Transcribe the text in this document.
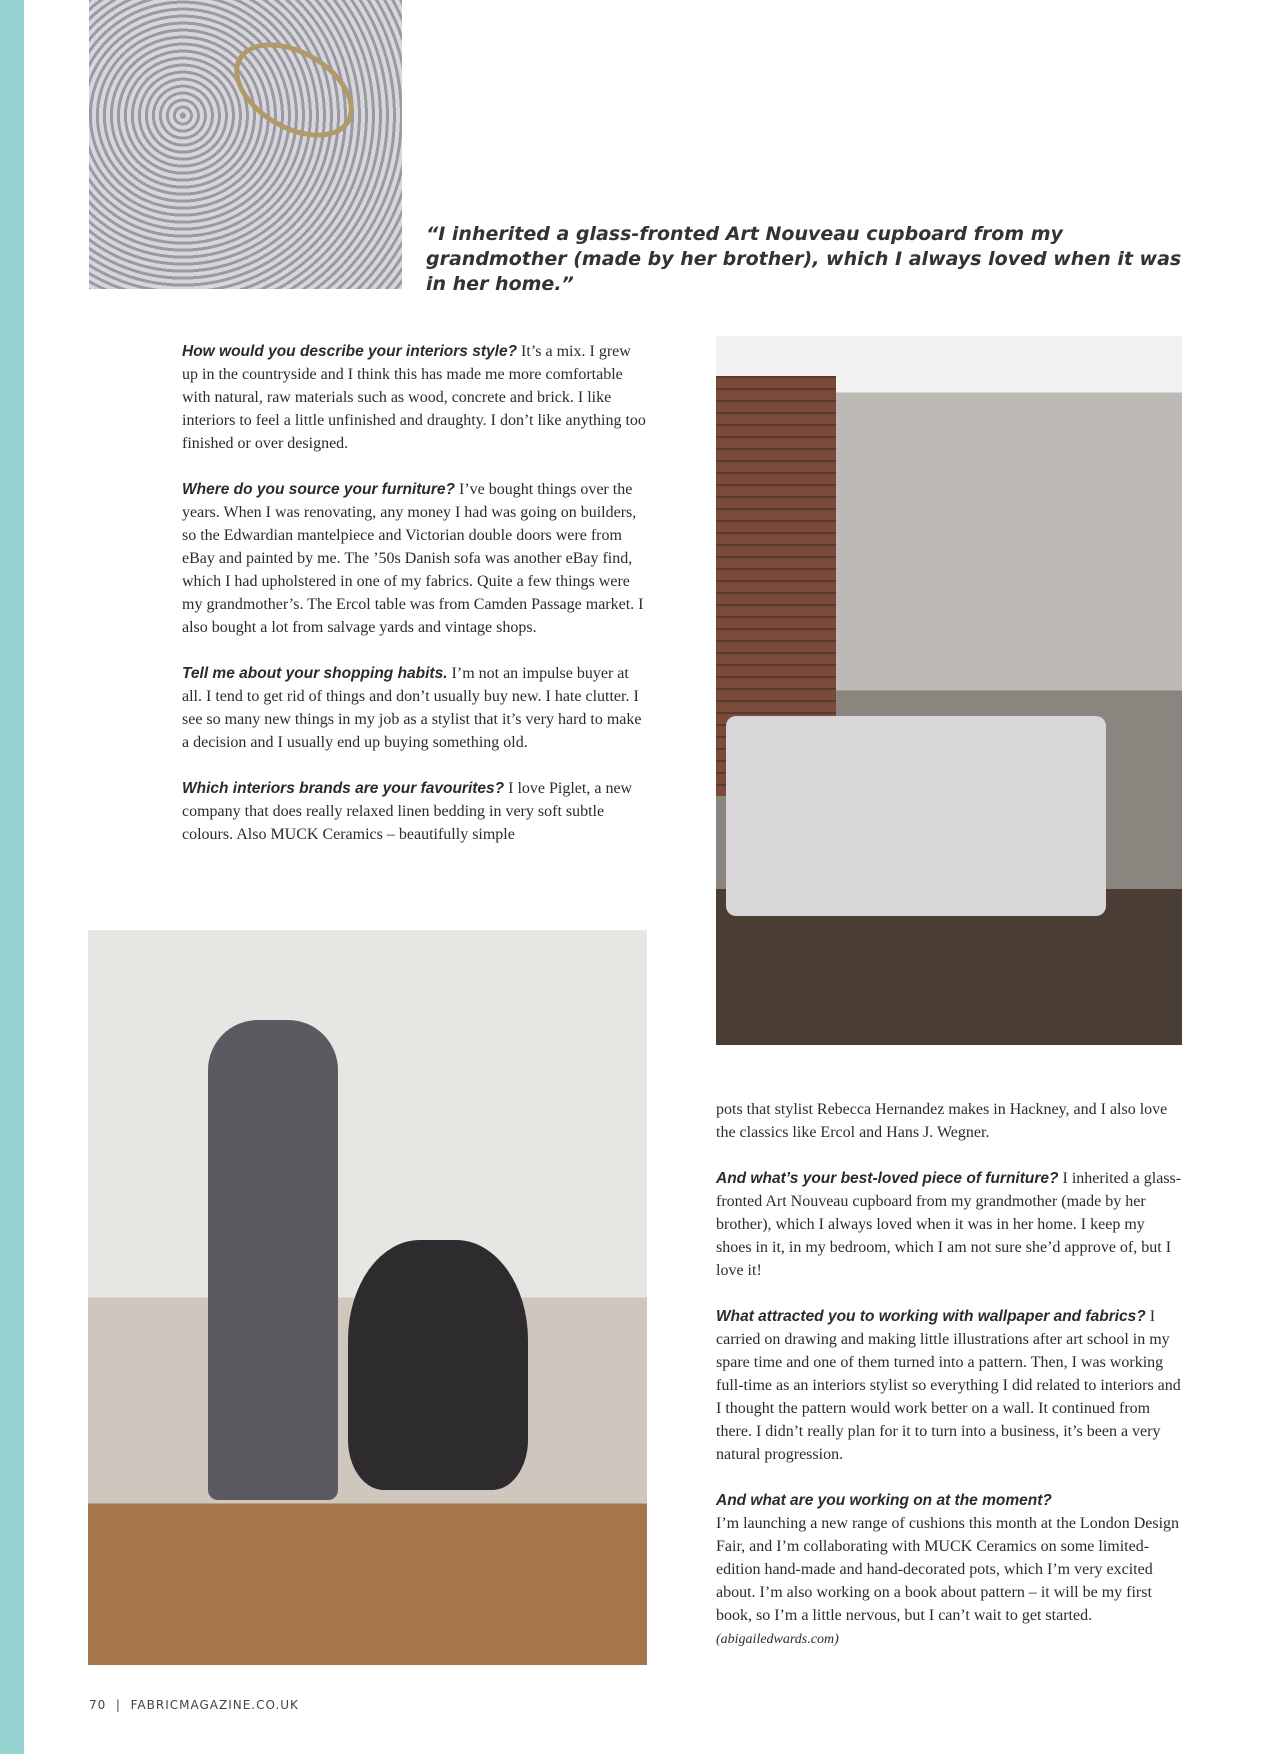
“I inherited a glass-fronted Art Nouveau cupboard from my grandmother (made by her brother), which I always loved when it was in her home.”

How would you describe your interiors style? It’s a mix. I grew up in the countryside and I think this has made me more comfortable with natural, raw materials such as wood, concrete and brick. I like interiors to feel a little unfinished and draughty. I don’t like anything too finished or over designed.

Where do you source your furniture? I’ve bought things over the years. When I was renovating, any money I had was going on builders, so the Edwardian mantelpiece and Victorian double doors were from eBay and painted by me. The ’50s Danish sofa was another eBay find, which I had upholstered in one of my fabrics. Quite a few things were my grandmother’s. The Ercol table was from Camden Passage market. I also bought a lot from salvage yards and vintage shops.

Tell me about your shopping habits. I’m not an impulse buyer at all. I tend to get rid of things and don’t usually buy new. I hate clutter. I see so many new things in my job as a stylist that it’s very hard to make a decision and I usually end up buying something old.

Which interiors brands are your favourites? I love Piglet, a new company that does really relaxed linen bedding in very soft subtle colours. Also MUCK Ceramics – beautifully simple

pots that stylist Rebecca Hernandez makes in Hackney, and I also love the classics like Ercol and Hans J. Wegner.

And what’s your best-loved piece of furniture? I inherited a glass-fronted Art Nouveau cupboard from my grandmother (made by her brother), which I always loved when it was in her home. I keep my shoes in it, in my bedroom, which I am not sure she’d approve of, but I love it!

What attracted you to working with wallpaper and fabrics? I carried on drawing and making little illustrations after art school in my spare time and one of them turned into a pattern. Then, I was working full-time as an interiors stylist so everything I did related to interiors and I thought the pattern would work better on a wall. It continued from there. I didn’t really plan for it to turn into a business, it’s been a very natural progression.

And what are you working on at the moment?
I’m launching a new range of cushions this month at the London Design Fair, and I’m collaborating with MUCK Ceramics on some limited-edition hand-made and hand-decorated pots, which I’m very excited about. I’m also working on a book about pattern – it will be my first book, so I’m a little nervous, but I can’t wait to get started. (abigailedwards.com)

70 | FABRICMAGAZINE.CO.UK
